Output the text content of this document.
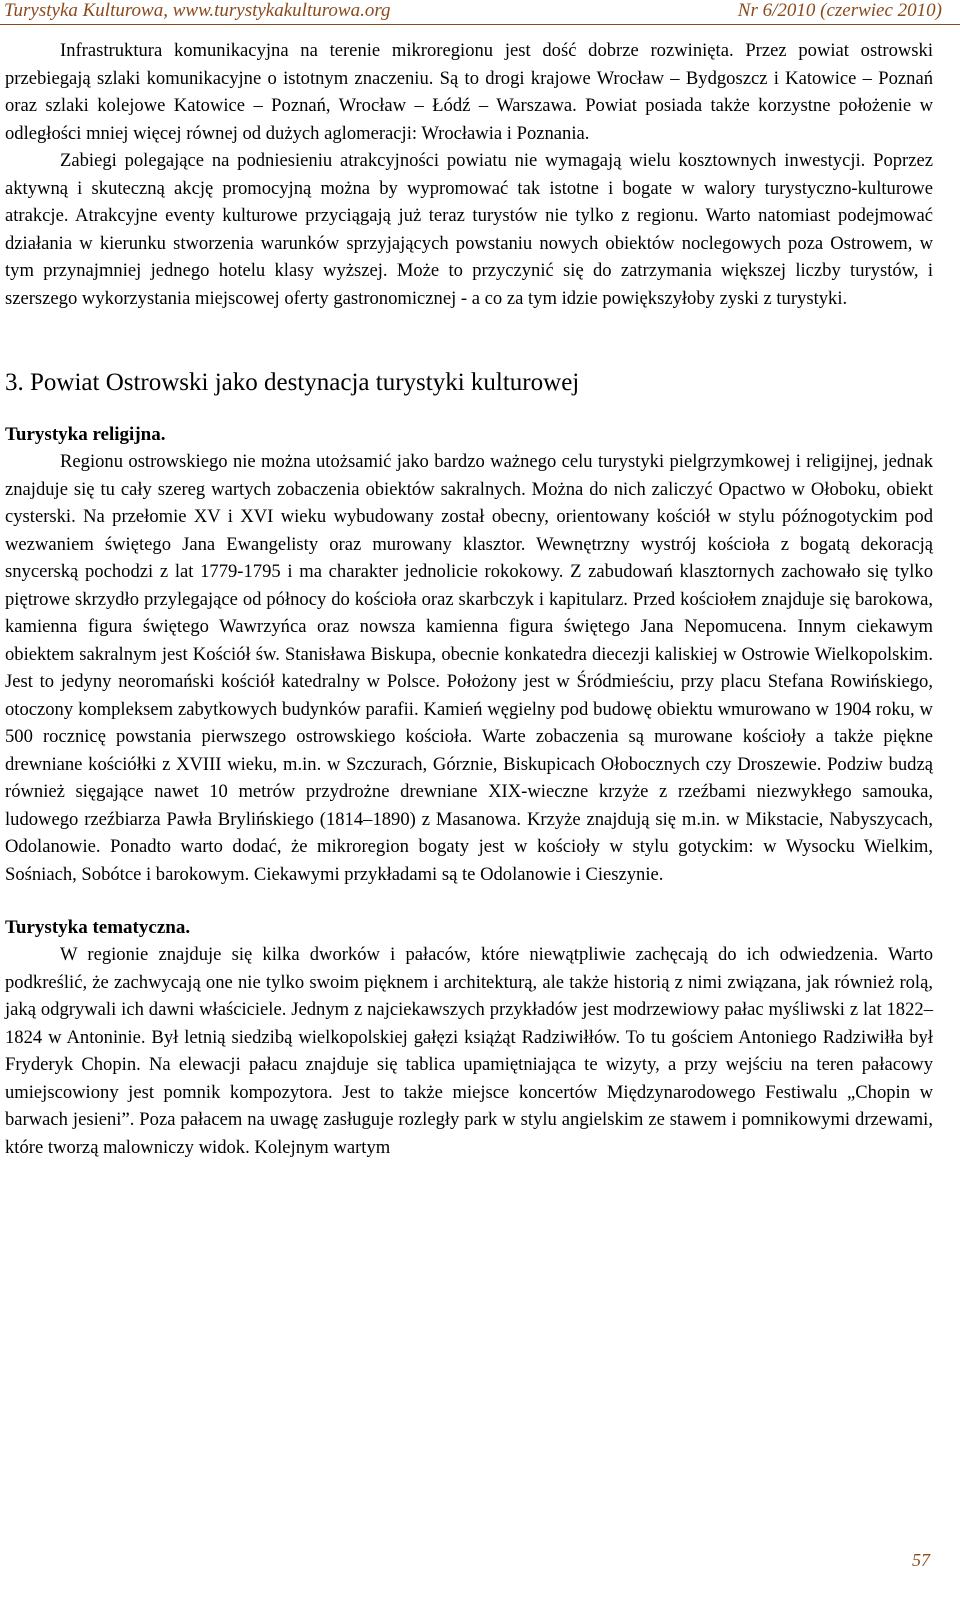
Turystyka Kulturowa, www.turystykakulturowa.org	Nr 6/2010 (czerwiec 2010)

Infrastruktura komunikacyjna na terenie mikroregionu jest dość dobrze rozwinięta. Przez powiat ostrowski przebiegają szlaki komunikacyjne o istotnym znaczeniu. Są to drogi krajowe Wrocław – Bydgoszcz i Katowice – Poznań oraz szlaki kolejowe Katowice – Poznań, Wrocław – Łódź – Warszawa. Powiat posiada także korzystne położenie w odległości mniej więcej równej od dużych aglomeracji: Wrocławia i Poznania.

Zabiegi polegające na podniesieniu atrakcyjności powiatu nie wymagają wielu kosztownych inwestycji. Poprzez aktywną i skuteczną akcję promocyjną można by wypromować tak istotne i bogate w walory turystyczno-kulturowe atrakcje. Atrakcyjne eventy kulturowe przyciągają już teraz turystów nie tylko z regionu. Warto natomiast podejmować działania w kierunku stworzenia warunków sprzyjających powstaniu nowych obiektów noclegowych poza Ostrowem, w tym przynajmniej jednego hotelu klasy wyższej. Może to przyczynić się do zatrzymania większej liczby turystów, i szerszego wykorzystania miejscowej oferty gastronomicznej - a co za tym idzie powiększyłoby zyski z turystyki.

3. Powiat Ostrowski jako destynacja turystyki kulturowej
Turystyka religijna.

Regionu ostrowskiego nie można utożsamić jako bardzo ważnego celu turystyki pielgrzymkowej i religijnej, jednak znajduje się tu cały szereg wartych zobaczenia obiektów sakralnych. Można do nich zaliczyć Opactwo w Ołoboku, obiekt cysterski. Na przełomie XV i XVI wieku wybudowany został obecny, orientowany kościół w stylu późnogotyckim pod wezwaniem świętego Jana Ewangelisty oraz murowany klasztor. Wewnętrzny wystrój kościoła z bogatą dekoracją snycerską pochodzi z lat 1779-1795 i ma charakter jednolicie rokokowy. Z zabudowań klasztornych zachowało się tylko piętrowe skrzydło przylegające od północy do kościoła oraz skarbczyk i kapitularz. Przed kościołem znajduje się barokowa, kamienna figura świętego Wawrzyńca oraz nowsza kamienna figura świętego Jana Nepomucena. Innym ciekawym obiektem sakralnym jest Kościół św. Stanisława Biskupa, obecnie konkatedra diecezji kaliskiej w Ostrowie Wielkopolskim. Jest to jedyny neoromański kościół katedralny w Polsce. Położony jest w Śródmieściu, przy placu Stefana Rowińskiego, otoczony kompleksem zabytkowych budynków parafii. Kamień węgielny pod budowę obiektu wmurowano w 1904 roku, w 500 rocznicę powstania pierwszego ostrowskiego kościoła. Warte zobaczenia są murowane kościoły a także piękne drewniane kościółki z XVIII wieku, m.in. w Szczurach, Górznie, Biskupicach Ołobocznych czy Droszewie. Podziw budzą również sięgające nawet 10 metrów przydrożne drewniane XIX-wieczne krzyże z rzeźbami niezwykłego samouka, ludowego rzeźbiarza Pawła Brylińskiego (1814–1890) z Masanowa. Krzyże znajdują się m.in. w Mikstacie, Nabyszycach, Odolanowie. Ponadto warto dodać, że mikroregion bogaty jest w kościoły w stylu gotyckim: w Wysocku Wielkim, Sośniach, Sobótce i barokowym. Ciekawymi przykładami są te Odolanowie i Cieszynie.

Turystyka tematyczna.

W regionie znajduje się kilka dworków i pałaców, które niewątpliwie zachęcają do ich odwiedzenia. Warto podkreślić, że zachwycają one nie tylko swoim pięknem i architekturą, ale także historią z nimi związana, jak również rolą, jaką odgrywali ich dawni właściciele. Jednym z najciekawszych przykładów jest modrzewiowy pałac myśliwski z lat 1822–1824 w Antoninie. Był letnią siedzibą wielkopolskiej gałęzi książąt Radziwiłłów. To tu gościem Antoniego Radziwiłła był Fryderyk Chopin. Na elewacji pałacu znajduje się tablica upamiętniająca te wizyty, a przy wejściu na teren pałacowy umiejscowiony jest pomnik kompozytora. Jest to także miejsce koncertów Międzynarodowego Festiwalu „Chopin w barwach jesieni”. Poza pałacem na uwagę zasługuje rozległy park w stylu angielskim ze stawem i pomnikowymi drzewami, które tworzą malowniczy widok. Kolejnym wartym

57
